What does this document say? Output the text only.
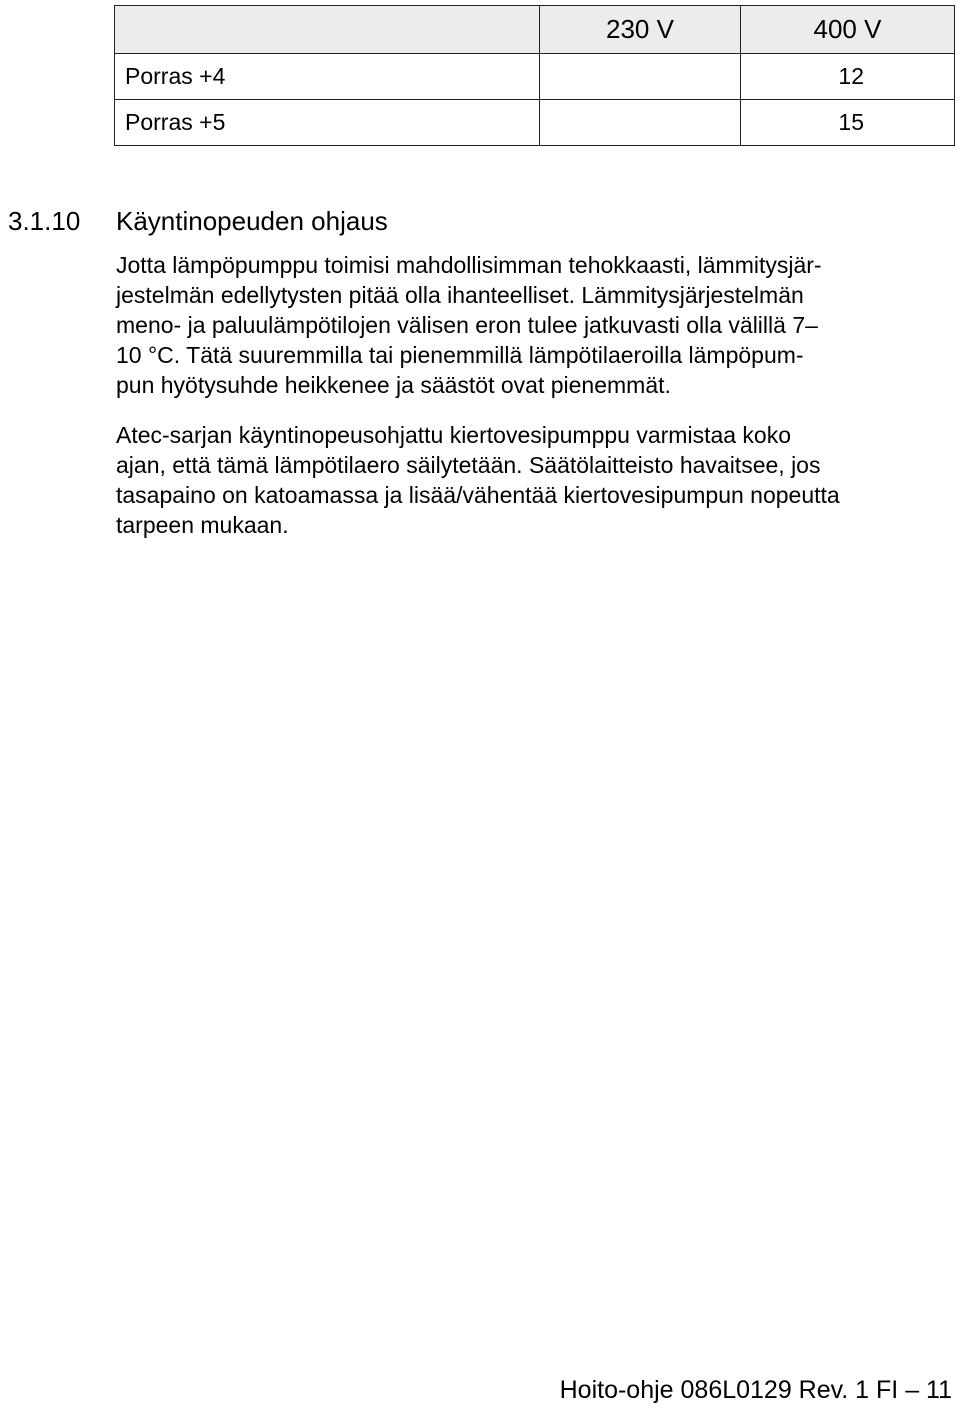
	230 V	400 V
Porras +4		12
Porras +5		15
3.1.10 Käyntinopeuden ohjaus

Jotta lämpöpumppu toimisi mahdollisimman tehokkaasti, lämmitysjär-
jestelmän edellytysten pitää olla ihanteelliset. Lämmitysjärjestelmän
meno- ja paluulämpötilojen välisen eron tulee jatkuvasti olla välillä 7–
10 °C. Tätä suuremmilla tai pienemmillä lämpötilaeroilla lämpöpum-
pun hyötysuhde heikkenee ja säästöt ovat pienemmät.

Atec-sarjan käyntinopeusohjattu kiertovesipumppu varmistaa koko
ajan, että tämä lämpötilaero säilytetään. Säätölaitteisto havaitsee, jos
tasapaino on katoamassa ja lisää/vähentää kiertovesipumpun nopeutta
tarpeen mukaan.

Hoito-ohje 086L0129 Rev. 1 FI – 11
